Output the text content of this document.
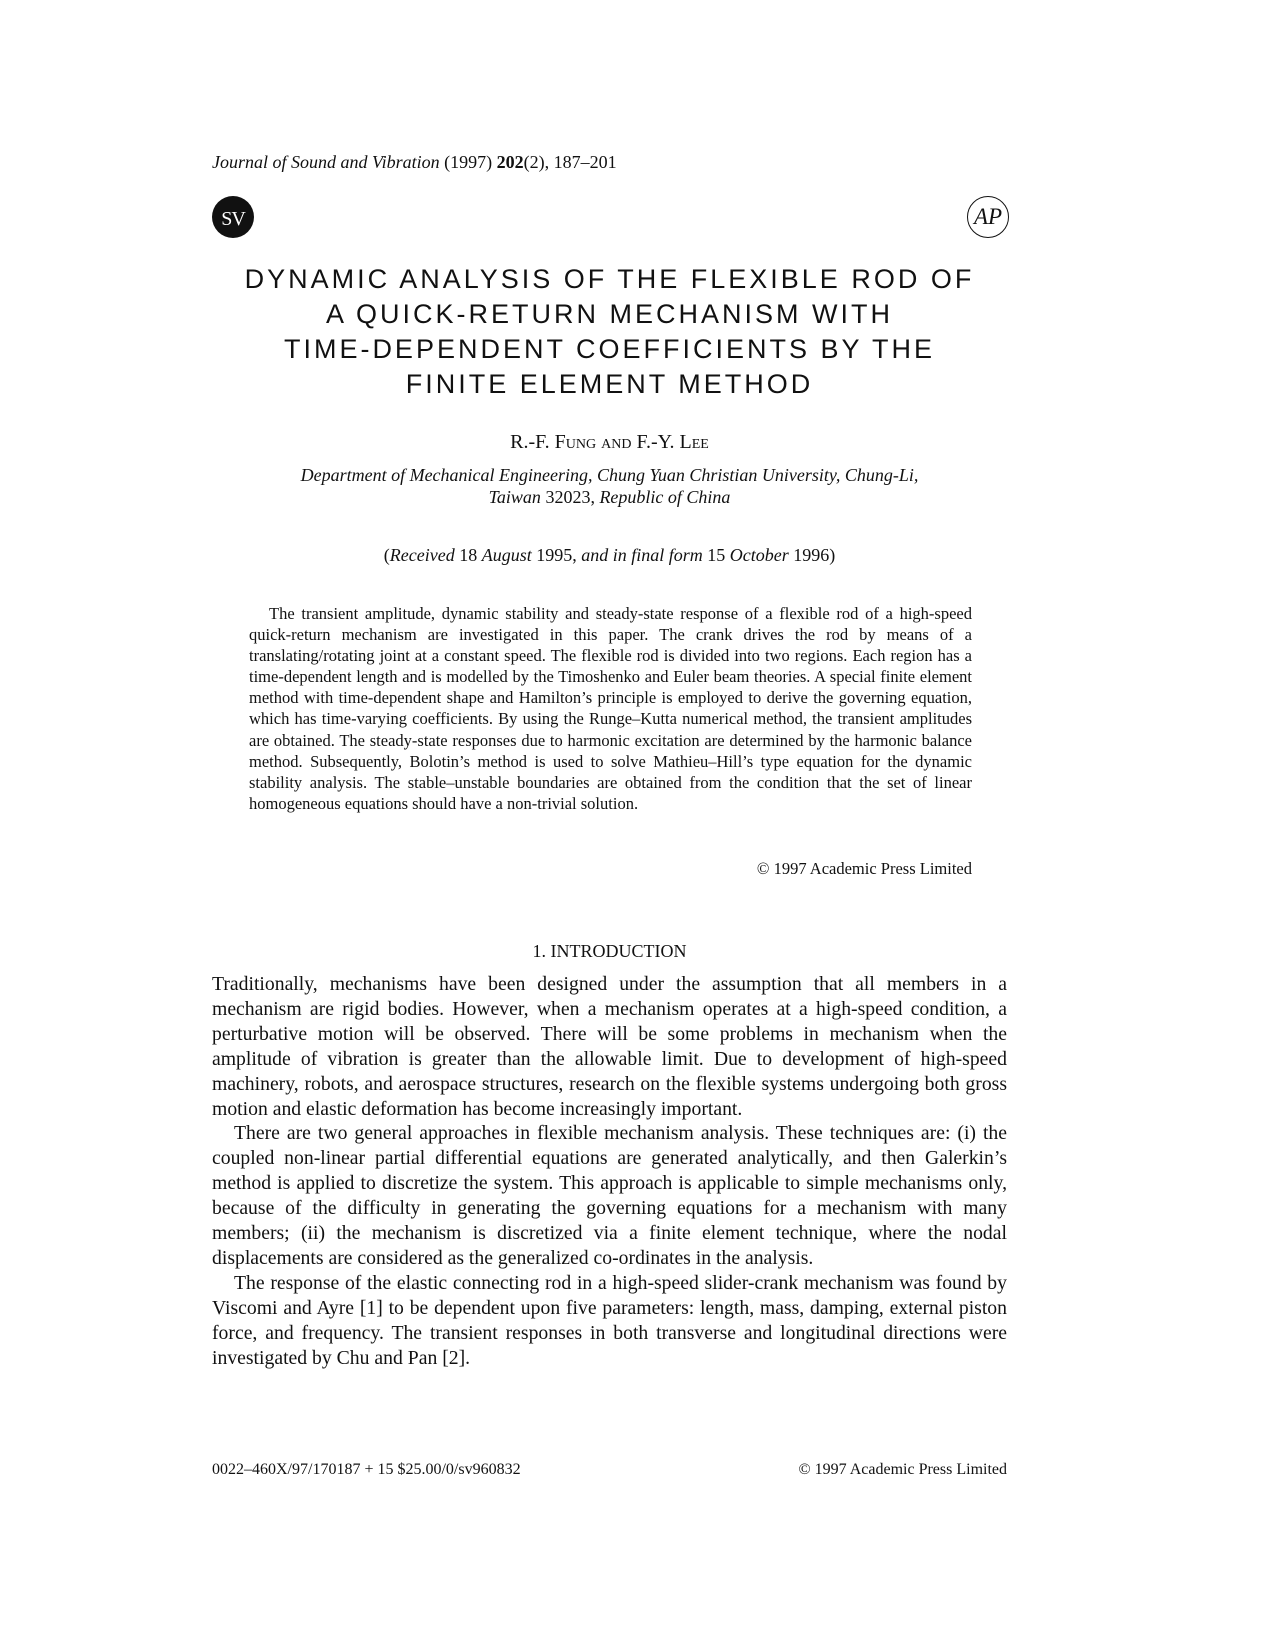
Journal of Sound and Vibration (1997) 202(2), 187–201
J
SV	AP
DYNAMIC ANALYSIS OF THE FLEXIBLE ROD OF
A QUICK-RETURN MECHANISM WITH
TIME-DEPENDENT COEFFICIENTS BY THE
FINITE ELEMENT METHOD
R.-F. Fung and F.-Y. Lee
Department of Mechanical Engineering, Chung Yuan Christian University, Chung-Li,
Taiwan 32023, Republic of China
(Received 18 August 1995, and in final form 15 October 1996)
The transient amplitude, dynamic stability and steady-state response of a flexible rod of a high-speed quick-return mechanism are investigated in this paper. The crank drives the rod by means of a translating/rotating joint at a constant speed. The flexible rod is divided into two regions. Each region has a time-dependent length and is modelled by the Timoshenko and Euler beam theories. A special finite element method with time-dependent shape and Hamilton’s principle is employed to derive the governing equation, which has time-varying coefficients. By using the Runge–Kutta numerical method, the transient amplitudes are obtained. The steady-state responses due to harmonic excitation are determined by the harmonic balance method. Subsequently, Bolotin’s method is used to solve Mathieu–Hill’s type equation for the dynamic stability analysis. The stable–unstable boundaries are obtained from the condition that the set of linear homogeneous equations should have a non-trivial solution.
© 1997 Academic Press Limited
1. INTRODUCTION

Traditionally, mechanisms have been designed under the assumption that all members in a mechanism are rigid bodies. However, when a mechanism operates at a high-speed condition, a perturbative motion will be observed. There will be some problems in mechanism when the amplitude of vibration is greater than the allowable limit. Due to development of high-speed machinery, robots, and aerospace structures, research on the flexible systems undergoing both gross motion and elastic deformation has become increasingly important.

There are two general approaches in flexible mechanism analysis. These techniques are: (i) the coupled non-linear partial differential equations are generated analytically, and then Galerkin’s method is applied to discretize the system. This approach is applicable to simple mechanisms only, because of the difficulty in generating the governing equations for a mechanism with many members; (ii) the mechanism is discretized via a finite element technique, where the nodal displacements are considered as the generalized co-ordinates in the analysis.

The response of the elastic connecting rod in a high-speed slider-crank mechanism was found by Viscomi and Ayre [1] to be dependent upon five parameters: length, mass, damping, external piston force, and frequency. The transient responses in both transverse and longitudinal directions were investigated by Chu and Pan [2].

0022–460X/97/170187 + 15 $25.00/0/sv960832	© 1997 Academic Press Limited
